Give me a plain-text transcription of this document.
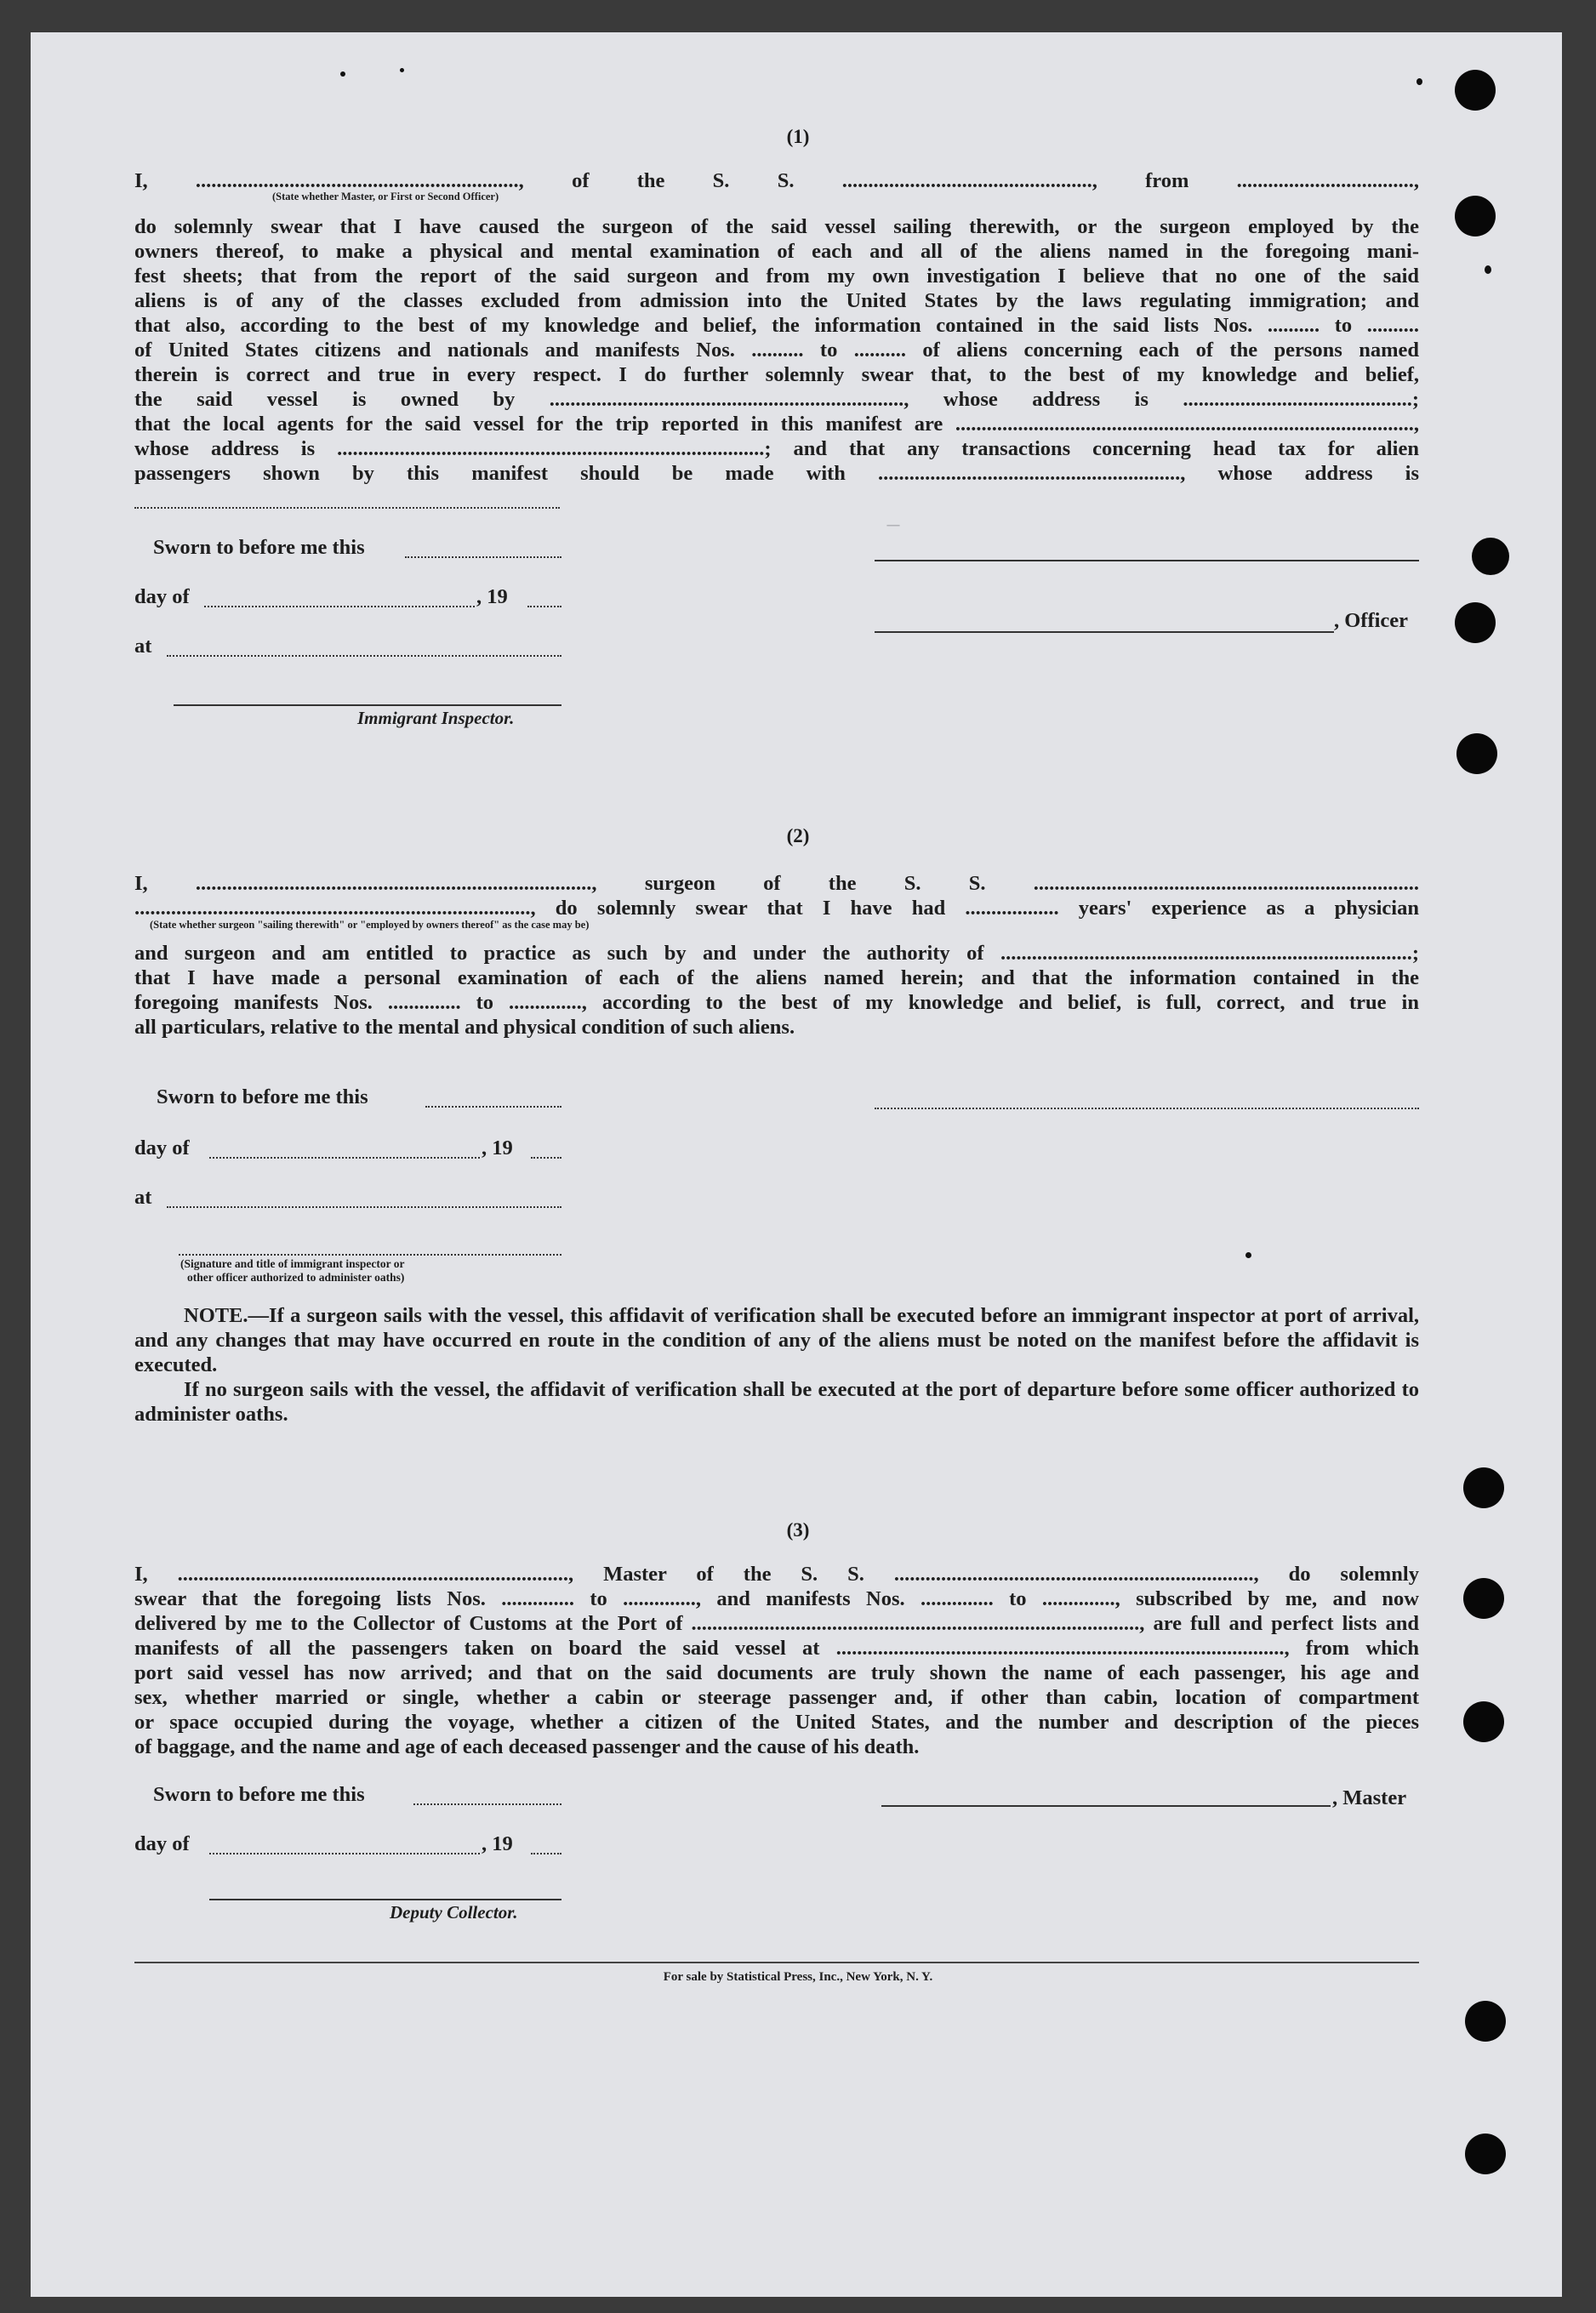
(1)
I, .............................................................., of the S. S. ................................................, from ..................................,
(State whether Master, or First or Second Officer)
do solemnly swear that I have caused the surgeon of the said vessel sailing therewith, or the surgeon employed by the
owners thereof, to make a physical and mental examination of each and all of the aliens named in the foregoing mani-
fest sheets; that from the report of the said surgeon and from my own investigation I believe that no one of the said
aliens is of any of the classes excluded from admission into the United States by the laws regulating immigration; and
that also, according to the best of my knowledge and belief, the information contained in the said lists Nos. .......... to ..........
of United States citizens and nationals and manifests Nos. .......... to .......... of aliens concerning each of the persons named
therein is correct and true in every respect. I do further solemnly swear that, to the best of my knowledge and belief,
the said vessel is owned by ...................................................................., whose address is ............................................;
that the local agents for the said vessel for the trip reported in this manifest are ........................................................................................,
whose address is ..................................................................................; and that any transactions concerning head tax for alien
passengers shown by this manifest should be made with .........................................................., whose address is
Sworn to before me this
day of	, 19
, Officer
at
Immigrant Inspector.
(2)
I, ............................................................................, surgeon of the S. S. ..........................................................................
............................................................................, do solemnly swear that I have had .................. years' experience as a physician
(State whether surgeon "sailing therewith" or "employed by owners thereof" as the case may be)
and surgeon and am entitled to practice as such by and under the authority of ...............................................................................;
that I have made a personal examination of each of the aliens named herein; and that the information contained in the
foregoing manifests Nos. .............. to .............., according to the best of my knowledge and belief, is full, correct, and true in
all particulars, relative to the mental and physical condition of such aliens.
Sworn to before me this
day of	, 19
at
(Signature and title of immigrant inspector or
other officer authorized to administer oaths)
NOTE.—If a surgeon sails with the vessel, this affidavit of verification shall be executed before an immigrant inspector at port of arrival, and any changes that may have occurred en route in the condition of any of the aliens must be noted on the manifest before the affidavit is executed.
If no surgeon sails with the vessel, the affidavit of verification shall be executed at the port of departure before some officer authorized to administer oaths.
(3)
I, ..........................................................................., Master of the S. S. ....................................................................., do solemnly
swear that the foregoing lists Nos. .............. to .............., and manifests Nos. .............. to .............., subscribed by me, and now
delivered by me to the Collector of Customs at the Port of ......................................................................................, are full and perfect lists and
manifests of all the passengers taken on board the said vessel at ......................................................................................, from which
port said vessel has now arrived; and that on the said documents are truly shown the name of each passenger, his age and
sex, whether married or single, whether a cabin or steerage passenger and, if other than cabin, location of compartment
or space occupied during the voyage, whether a citizen of the United States, and the number and description of the pieces
of baggage, and the name and age of each deceased passenger and the cause of his death.
Sworn to before me this	, Master
day of	, 19
Deputy Collector.
For sale by Statistical Press, Inc., New York, N. Y.
